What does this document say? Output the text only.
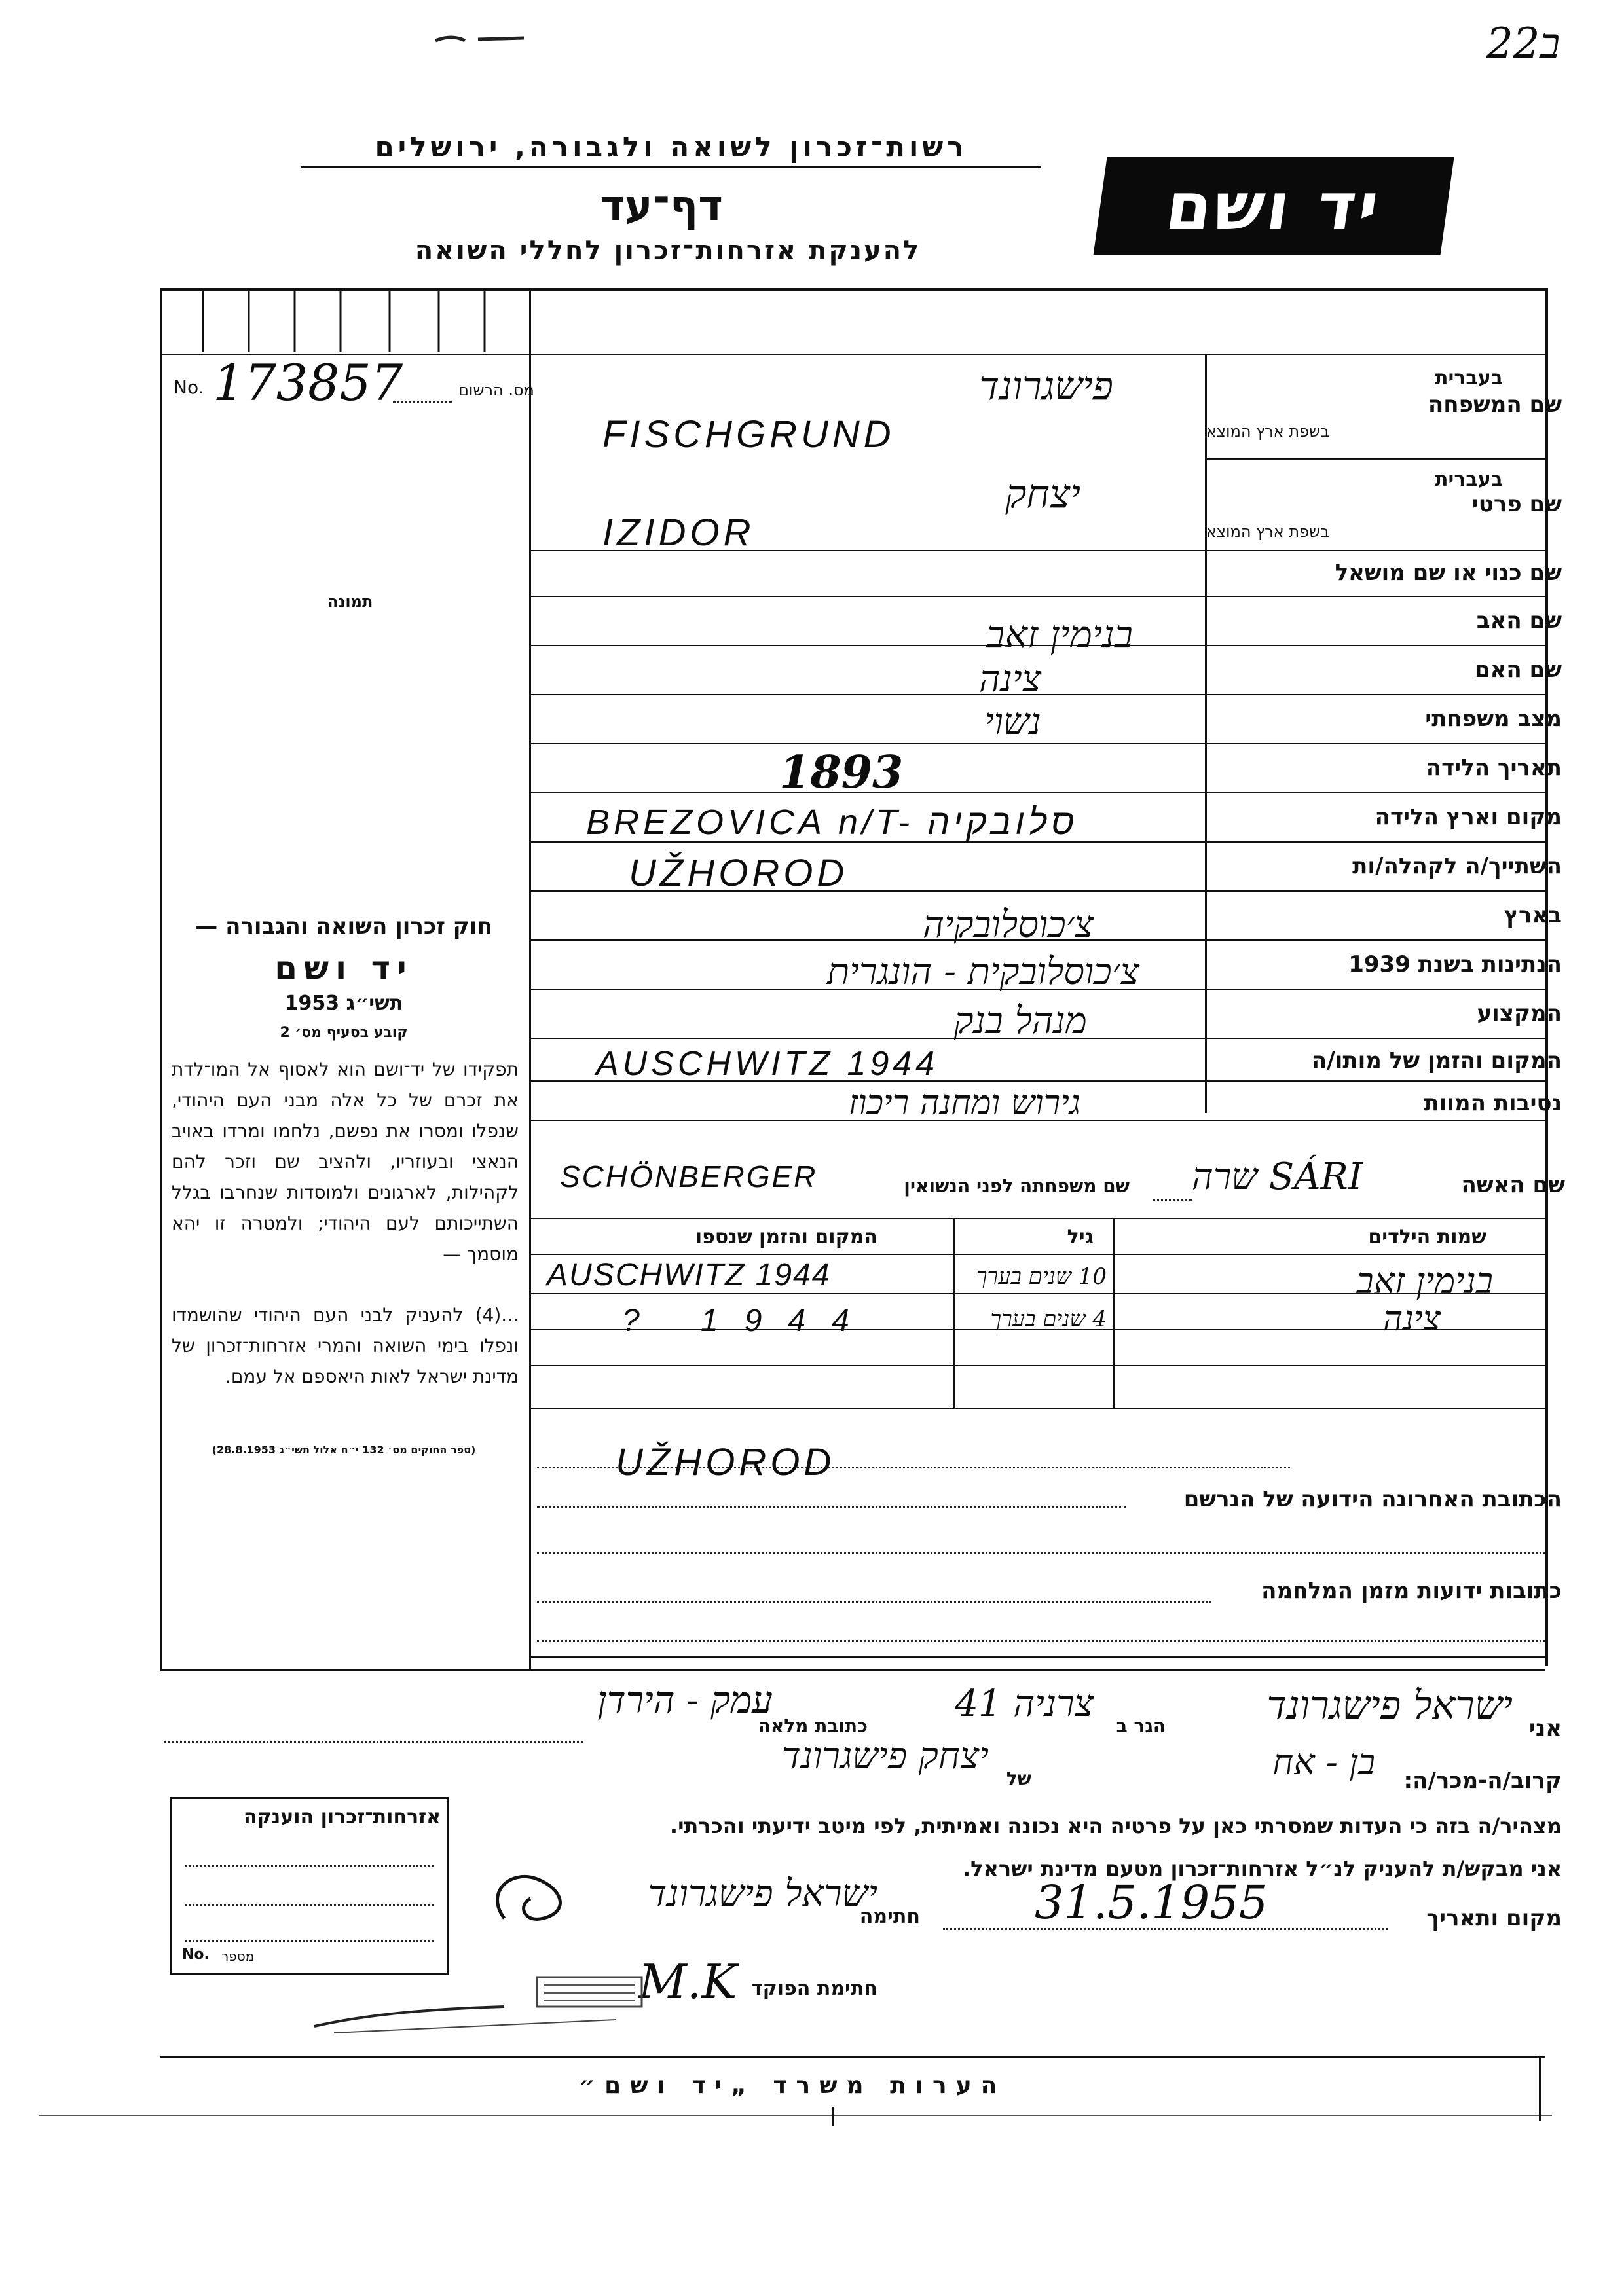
22ב
רשות־זכרון לשואה ולגבורה, ירושלים
דף־עד
להענקת אזרחות־זכרון לחללי השואה
יד ושם
No. 173857	מס. הרשום
תמונה
בעברית
שם המשפחה
בשפת ארץ המוצא
בעברית
שם פרטי
בשפת ארץ המוצא
שם כנוי או שם מושאל
שם האב
שם האם
מצב משפחתי
תאריך הלידה
מקום וארץ הלידה
השתייך/ה לקהלה/ות
בארץ
הנתינות בשנת 1939
המקצוע
המקום והזמן של מותו/ה
נסיבות המוות
פישגרונד
FISCHGRUND
יצחק
IZIDOR
בנימין זאב
צינה
נשוי
1893
BREZOVICA n/T- סלובקיה
UŽHOROD
צ׳כוסלובקיה
צ׳כוסלובקית - הונגרית
מנהל בנק
AUSCHWITZ 1944
גירוש ומחנה ריכוז
שם האשה
שם משפחתה לפני הנשואין שרה SÁRI
SCHÖNBERGER
שמות הילדים
גיל
המקום והזמן שנספו
בנימין זאב
10 שנים בערך
AUSCHWITZ 1944
צינה
4 שנים בערך
? 1944
UŽHOROD
הכתובת האחרונה הידועה של הנרשם
כתובות ידועות מזמן המלחמה
חוק זכרון השואה והגבורה —
יד ושם
תשי״ג 1953
קובע בסעיף מס׳ 2
תפקידו של יד־ושם הוא לאסוף אל המו־לדת את זכרם של כל אלה מבני העם היהודי, שנפלו ומסרו את נפשם, נלחמו ומרדו באויב הנאצי ובעוזריו, ולהציב שם וזכר להם לקהילות, לארגונים ולמוסדות שנחרבו בגלל השתייכותם לעם היהודי; ולמטרה זו יהא מוסמך —
...(4) להעניק לבני העם היהודי שהושמדו ונפלו בימי השואה והמרי אזרחות־זכרון של מדינת ישראל לאות היאספם אל עמם.
(ספר החוקים מס׳ 132 י״ח אלול תשי״ג 28.8.1953)
אני
ישראל פישגרונד
הגר ב
צרניה 41
כתובת מלאה
עמק - הירדן
קרוב/ה-מכר/ה:
בן - אח
של
יצחק פישגרונד
מצהיר/ה בזה כי העדות שמסרתי כאן על פרטיה היא נכונה ואמיתית, לפי מיטב ידיעתי והכרתי.
אני מבקש/ת להעניק לנ״ל אזרחות־זכרון מטעם מדינת ישראל.
מקום ותאריך
31.5.1955
חתימה
ישראל פישגרונד
חתימת הפוקד
M.K
אזרחות־זכרון הוענקה
No. מספר
הערות משרד „יד ושם״
